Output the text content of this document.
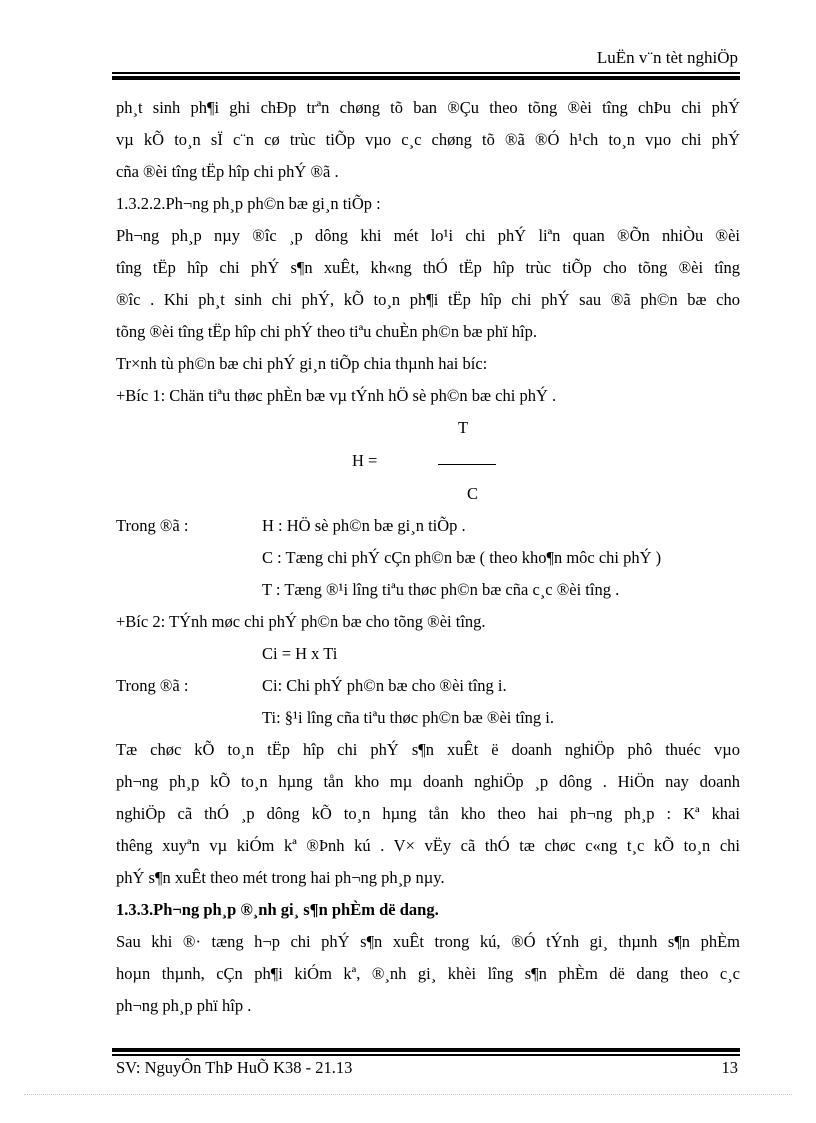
LuËn v¨n tèt nghiÖp

ph¸t sinh ph¶i ghi chÐp trªn chøng tõ ban ®Çu theo tõng ®èi tîng chÞu chi phÝ

vµ kÕ to¸n sÏ c¨n cø trùc tiÕp vµo c¸c chøng tõ ®ã ®Ó h¹ch to¸n vµo chi phÝ

cña ®èi tîng tËp hîp chi phÝ ®ã .

1.3.2.2.Ph¬ng ph¸p ph©n bæ gi¸n tiÕp :

Ph¬ng ph¸p nµy ®îc ¸p dông khi mét lo¹i chi phÝ liªn quan ®Õn nhiÒu ®èi

tîng tËp hîp chi phÝ s¶n xuÊt, kh«ng thÓ tËp hîp trùc tiÕp cho tõng ®èi tîng

®îc . Khi ph¸t sinh chi phÝ, kÕ to¸n ph¶i tËp hîp chi phÝ sau ®ã ph©n bæ cho

tõng ®èi tîng tËp hîp chi phÝ theo tiªu chuÈn ph©n bæ phï hîp.

Tr×nh tù ph©n bæ chi phÝ gi¸n tiÕp chia thµnh hai bíc:

+Bíc 1: Chän tiªu thøc phÈn bæ vµ tÝnh hÖ sè ph©n bæ chi phÝ .

T
H =
C
Trong ®ã :	H : HÖ sè ph©n bæ gi¸n tiÕp .
C : Tæng chi phÝ cÇn ph©n bæ ( theo kho¶n môc chi phÝ )
T : Tæng ®¹i lîng tiªu thøc ph©n bæ cña c¸c ®èi tîng .

+Bíc 2: TÝnh møc chi phÝ ph©n bæ cho tõng ®èi tîng.

Ci = H x Ti
Trong ®ã :	Ci: Chi phÝ ph©n bæ cho ®èi tîng i.
Ti: §¹i lîng cña tiªu thøc ph©n bæ ®èi tîng i.

Tæ chøc kÕ to¸n tËp hîp chi phÝ s¶n xuÊt ë doanh nghiÖp phô thuéc vµo

ph¬ng ph¸p kÕ to¸n hµng tån kho mµ doanh nghiÖp ¸p dông . HiÖn nay doanh

nghiÖp cã thÓ ¸p dông kÕ to¸n hµng tån kho theo hai ph¬ng ph¸p : Kª khai

thêng xuyªn vµ kiÓm kª ®Þnh kú . V× vËy cã thÓ tæ chøc c«ng t¸c kÕ to¸n chi

phÝ s¶n xuÊt theo mét trong hai ph¬ng ph¸p nµy.

1.3.3.Ph¬ng ph¸p ®¸nh gi¸ s¶n phÈm dë dang.

Sau khi ®· tæng h¬p chi phÝ s¶n xuÊt trong kú, ®Ó tÝnh gi¸ thµnh s¶n phÈm

hoµn thµnh, cÇn ph¶i kiÓm kª, ®¸nh gi¸ khèi lîng s¶n phÈm dë dang theo c¸c

ph¬ng ph¸p phï hîp .

SV: NguyÔn ThÞ HuÕ K38 - 21.13	13
